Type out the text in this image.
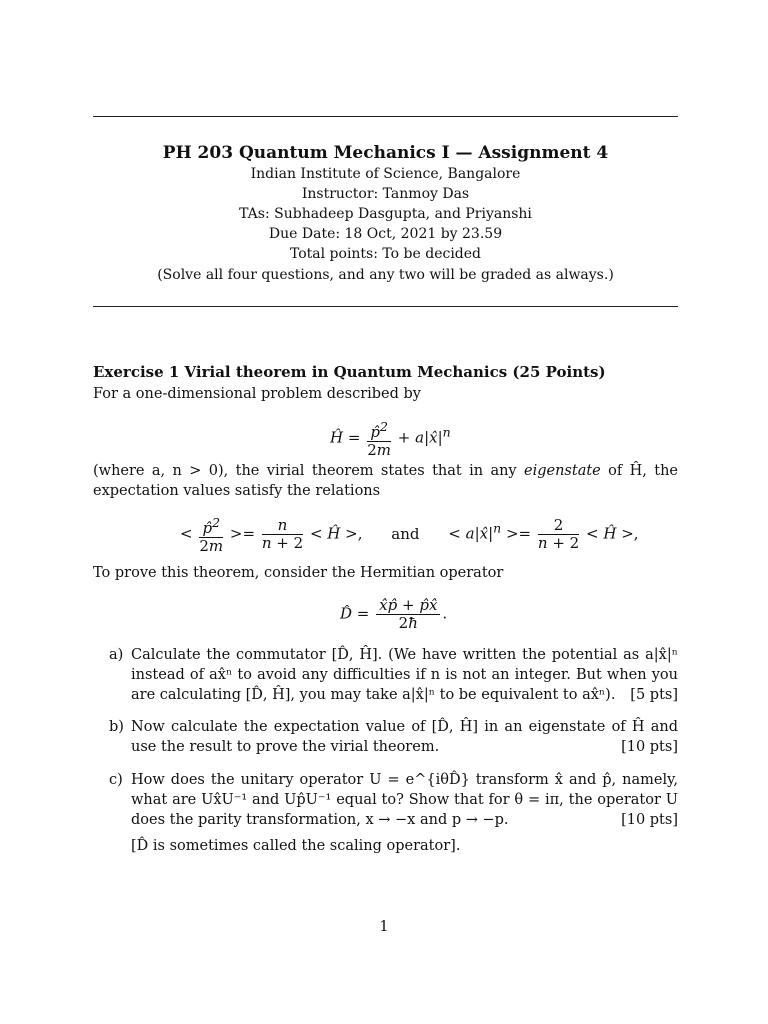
PH 203 Quantum Mechanics I — Assignment 4
Indian Institute of Science, Bangalore
Instructor: Tanmoy Das
TAs: Subhadeep Dasgupta, and Priyanshi
Due Date: 18 Oct, 2021 by 23.59
Total points: To be decided
(Solve all four questions, and any two will be graded as always.)
Exercise 1 Virial theorem in Quantum Mechanics (25 Points)
For a one-dimensional problem described by
Ĥ = $\frac{p̂^2}{2m}$ + $a|x̂|^n$
(where a, n > 0), the virial theorem states that in any eigenstate of Ĥ, the expectation values satisfy the relations
< $\frac{p̂^2}{2m} >= \frac{n}{n + 2}$ < Ĥ >, and < $a|x̂|^n >= \frac{2}{n + 2}$ < Ĥ >,
To prove this theorem, consider the Hermitian operator
D̂ = $\frac{x̂p̂ + p̂x̂}{2ħ}$ .
a) Calculate the commutator [D̂, Ĥ]. (We have written the potential as a|x̂|ⁿ instead of ax̂ⁿ to avoid any difficulties if n is not an integer. But when you are calculating [D̂, Ĥ], you may take a|x̂|ⁿ to be equivalent to ax̂ⁿ). [5 pts]
b) Now calculate the expectation value of [D̂, Ĥ] in an eigenstate of Ĥ and use the result to prove the virial theorem.	[10 pts]
c) How does the unitary operator U = e^{iθD̂} transform x̂ and p̂, namely, what are Ux̂U⁻¹ and Up̂U⁻¹ equal to? Show that for θ = iπ, the operator U does the parity transformation, x → −x and p → −p.	[10 pts]
[D̂ is sometimes called the scaling operator].
1
